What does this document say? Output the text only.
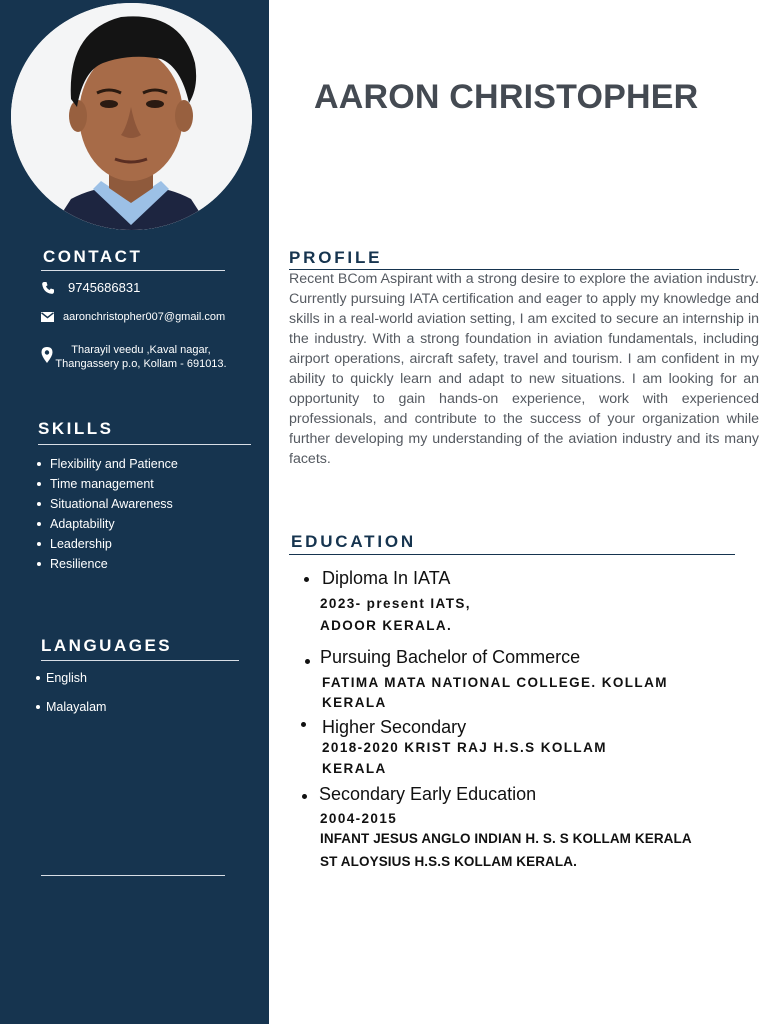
CONTACT
9745686831
aaronchristopher007@gmail.com
Tharayil veedu ,Kaval nagar,
Thangassery p.o, Kollam - 691013.
SKILLS
Flexibility and Patience
Time management
Situational Awareness
Adaptability
Leadership
Resilience
LANGUAGES
English
Malayalam
AARON CHRISTOPHER
PROFILE

Recent BCom Aspirant with a strong desire to explore the aviation industry. Currently pursuing IATA certification and eager to apply my knowledge and skills in a real-world aviation setting, I am excited to secure an internship in the industry. With a strong foundation in aviation fundamentals, including airport operations, aircraft safety, travel and tourism. I am confident in my ability to quickly learn and adapt to new situations. I am looking for an opportunity to gain hands-on experience, work with experienced professionals, and contribute to the success of your organization while further developing my understanding of the aviation industry and its many facets.

EDUCATION
Diploma In IATA
2023- present IATS,
ADOOR KERALA.
Pursuing Bachelor of Commerce
FATIMA MATA NATIONAL COLLEGE. KOLLAM
KERALA
Higher Secondary
2018-2020 KRIST RAJ H.S.S KOLLAM
KERALA
Secondary Early Education
2004-2015
INFANT JESUS ANGLO INDIAN H. S. S KOLLAM KERALA
ST ALOYSIUS H.S.S KOLLAM KERALA.
